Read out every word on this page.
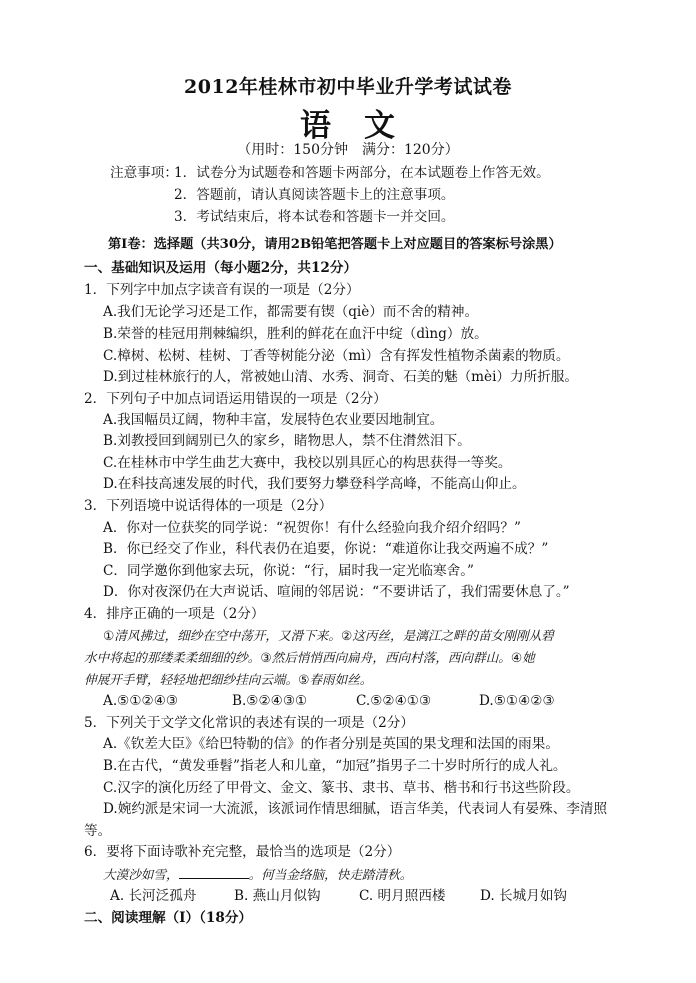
2012年桂林市初中毕业升学考试试卷
语　文
（用时：150分钟　满分：120分）
注意事项：
1．试卷分为试题卷和答题卡两部分，在本试题卷上作答无效。
2．答题前，请认真阅读答题卡上的注意事项。
3．考试结束后，将本试卷和答题卡一并交回。
第Ⅰ卷：选择题（共30分，请用2B铅笔把答题卡上对应题目的答案标号涂黑）
一、基础知识及运用（每小题2分，共12分）
1．下列字中加点字读音有误的一项是（2分）
A.我们无论学习还是工作，都需要有锲（qiè）而不舍的精神。
B.荣誉的桂冠用荆棘编织，胜利的鲜花在血汗中绽（dìng）放。
C.樟树、松树、桂树、丁香等树能分泌（mì）含有挥发性植物杀菌素的物质。
D.到过桂林旅行的人，常被她山清、水秀、洞奇、石美的魅（mèi）力所折服。
2．下列句子中加点词语运用错误的一项是（2分）
A.我国幅员辽阔，物种丰富，发展特色农业要因地制宜。
B.刘教授回到阔别已久的家乡，睹物思人，禁不住潸然泪下。
C.在桂林市中学生曲艺大赛中，我校以别具匠心的构思获得一等奖。
D.在科技高速发展的时代，我们要努力攀登科学高峰，不能高山仰止。
3．下列语境中说话得体的一项是（2分）
A．你对一位获奖的同学说：“祝贺你！有什么经验向我介绍介绍吗？”
B．你已经交了作业，科代表仍在追要，你说：“难道你让我交两遍不成？”
C．同学邀你到他家去玩，你说：“行，届时我一定光临寒舍。”
D．你对夜深仍在大声说话、喧闹的邻居说：“不要讲话了，我们需要休息了。”
4．排序正确的一项是（2分）
①清风拂过，细纱在空中荡开，又滑下来。②这丙丝，是漓江之畔的苗女刚刚从碧
水中将起的那缕柔柔细细的纱。③然后悄悄西向扁舟，西向村落，西向群山。④她
伸展开手臂，轻轻地把细纱挂向云端。⑤春雨如丝。
A.⑤①②④③	B.⑤②④③①	C.⑤②④①③	D.⑤①④②③
5．下列关于文学文化常识的表述有误的一项是（2分）
A.《钦差大臣》《给巴特勒的信》的作者分别是英国的果戈理和法国的雨果。
B.在古代，“黄发垂髫”指老人和儿童，“加冠”指男子二十岁时所行的成人礼。
C.汉字的演化历经了甲骨文、金文、篆书、隶书、草书、楷书和行书这些阶段。
D.婉约派是宋词一大流派，该派词作情思细腻，语言华美，代表词人有晏殊、李清照
等。
6．要将下面诗歌补充完整，最恰当的选项是（2分）
大漠沙如雪，	。何当金络脑，快走踏清秋。
A. 长河泛孤舟	B. 燕山月似钩	C. 明月照西楼	D. 长城月如钩
二、阅读理解（Ⅰ）（18分）
